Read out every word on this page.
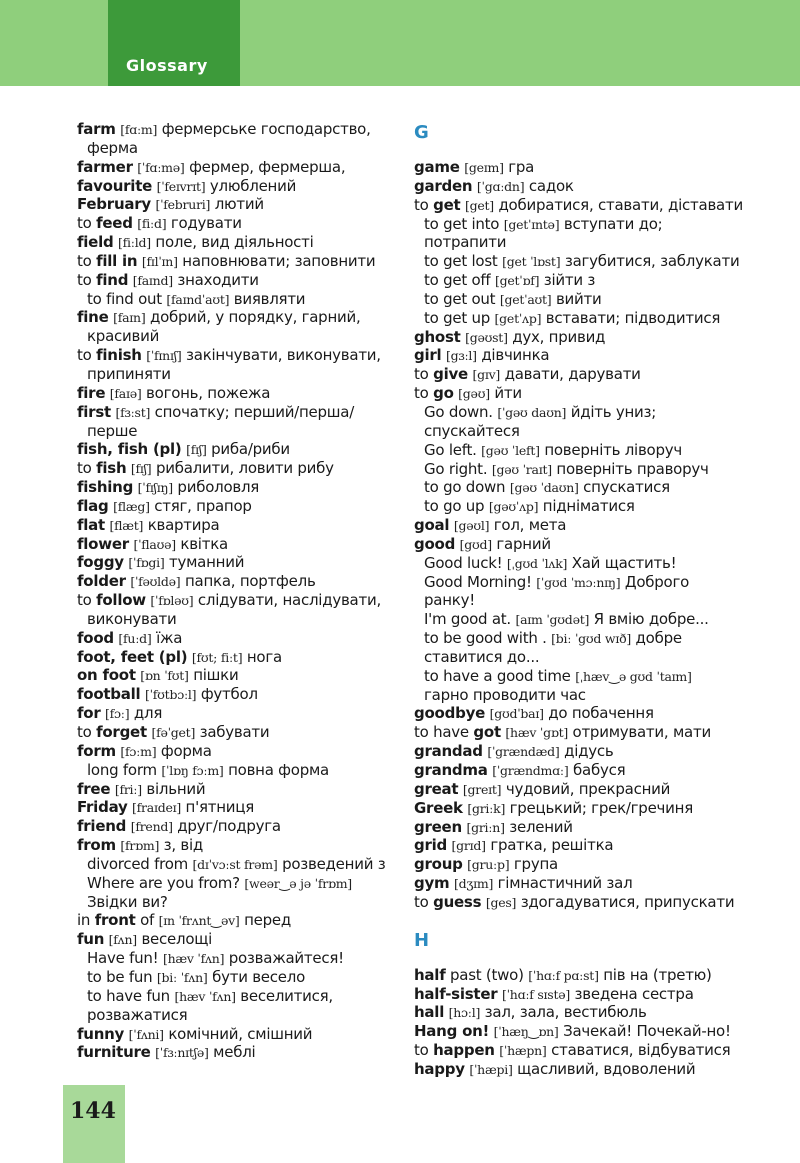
Glossary
farm [fɑːm] фермерське господарство,
ферма
farmer [ˈfɑːmə] фермер, фермерша,
favourite [ˈfeɪvrɪt] улюблений
February [ˈfebruri] лютий
to feed [fiːd] годувати
field [fiːld] поле, вид діяльності
to fill in [fɪlˈɪn] наповнювати; заповнити
to find [faɪnd] знаходити
to find out [faɪndˈaʊt] виявляти
fine [faɪn] добрий, у порядку, гарний,
красивий
to finish [ˈfɪnɪʃ] закінчувати, виконувати,
припиняти
fire [faɪə] вогонь, пожежа
first [fɜːst] спочатку; перший/перша/
перше
fish, fish (pl) [fɪʃ] риба/риби
to fish [fɪʃ] рибалити, ловити рибу
fishing [ˈfɪʃɪŋ] риболовля
flag [flæg] стяг, прапор
flat [flæt] квартира
flower [ˈflaʊə] квітка
foggy [ˈfɒgi] туманний
folder [ˈfəʊldə] папка, портфель
to follow [ˈfɒləʊ] слідувати, наслідувати,
виконувати
food [fuːd] їжа
foot, feet (pl) [fʊt; fiːt] нога
on foot [ɒn ˈfʊt] пішки
football [ˈfʊtbɔːl] футбол
for [fɔː] для
to forget [fəˈget] забувати
form [fɔːm] форма
long form [ˈlɒŋ fɔːm] повна форма
free [friː] вільний
Friday [fraɪdeɪ] п'ятниця
friend [frend] друг/подруга
from [frɒm] з, від
divorced from [dɪˈvɔːst frəm] розведений з
Where are you from? [weər‿ə jə ˈfrɒm]
Звідки ви?
in front of [ɪn ˈfrʌnt‿əv] перед
fun [fʌn] веселощі
Have fun! [hæv ˈfʌn] розважайтеся!
to be fun [biː ˈfʌn] бути весело
to have fun [hæv ˈfʌn] веселитися,
розважатися
funny [ˈfʌni] комічний, смішний
furniture [ˈfɜːnɪtʃə] меблі
G
game [geɪm] гра
garden [ˈgɑːdn] садок
to get [get] добиратися, ставати, діставати
to get into [getˈɪntə] вступати до;
потрапити
to get lost [get ˈlɒst] загубитися, заблукати
to get off [getˈɒf] зійти з
to get out [getˈaʊt] вийти
to get up [getˈʌp] вставати; підводитися
ghost [gəʊst] дух, привид
girl [gɜːl] дівчинка
to give [gɪv] давати, дарувати
to go [gəʊ] йти
Go down. [ˈgəʊ daʊn] йдіть униз;
спускайтеся
Go left. [gəʊ ˈleft] поверніть ліворуч
Go right. [gəʊ ˈraɪt] поверніть праворуч
to go down [gəʊ ˈdaʊn] спускатися
to go up [gəʊˈʌp] підніматися
goal [gəʊl] гол, мета
good [gʊd] гарний
Good luck! [ˌgʊd ˈlʌk] Хай щастить!
Good Morning! [ˈgʊd ˈmɔːnɪŋ] Доброго
ранку!
I'm good at. [aɪm ˈgʊdət] Я вмію добре...
to be good with . [biː ˈgʊd wɪð] добре
ставитися до...
to have a good time [ˌhæv‿ə gʊd ˈtaɪm]
гарно проводити час
goodbye [gʊdˈbaɪ] до побачення
to have got [hæv ˈgɒt] отримувати, мати
grandad [ˈgrændæd] дідусь
grandma [ˈgrændmɑː] бабуся
great [greɪt] чудовий, прекрасний
Greek [griːk] грецький; грек/гречиня
green [griːn] зелений
grid [grɪd] гратка, решітка
group [gruːp] група
gym [dʒɪm] гімнастичний зал
to guess [ges] здогадуватися, припускати
H
half past (two) [ˈhɑːf pɑːst] пів на (третю)
half-sister [ˈhɑːf sɪstə] зведена сестра
hall [hɔːl] зал, зала, вестибюль
Hang on! [ˈhæŋ‿ɒn] Зачекай! Почекай-но!
to happen [ˈhæpn] ставатися, відбуватися
happy [ˈhæpi] щасливий, вдоволений
144
